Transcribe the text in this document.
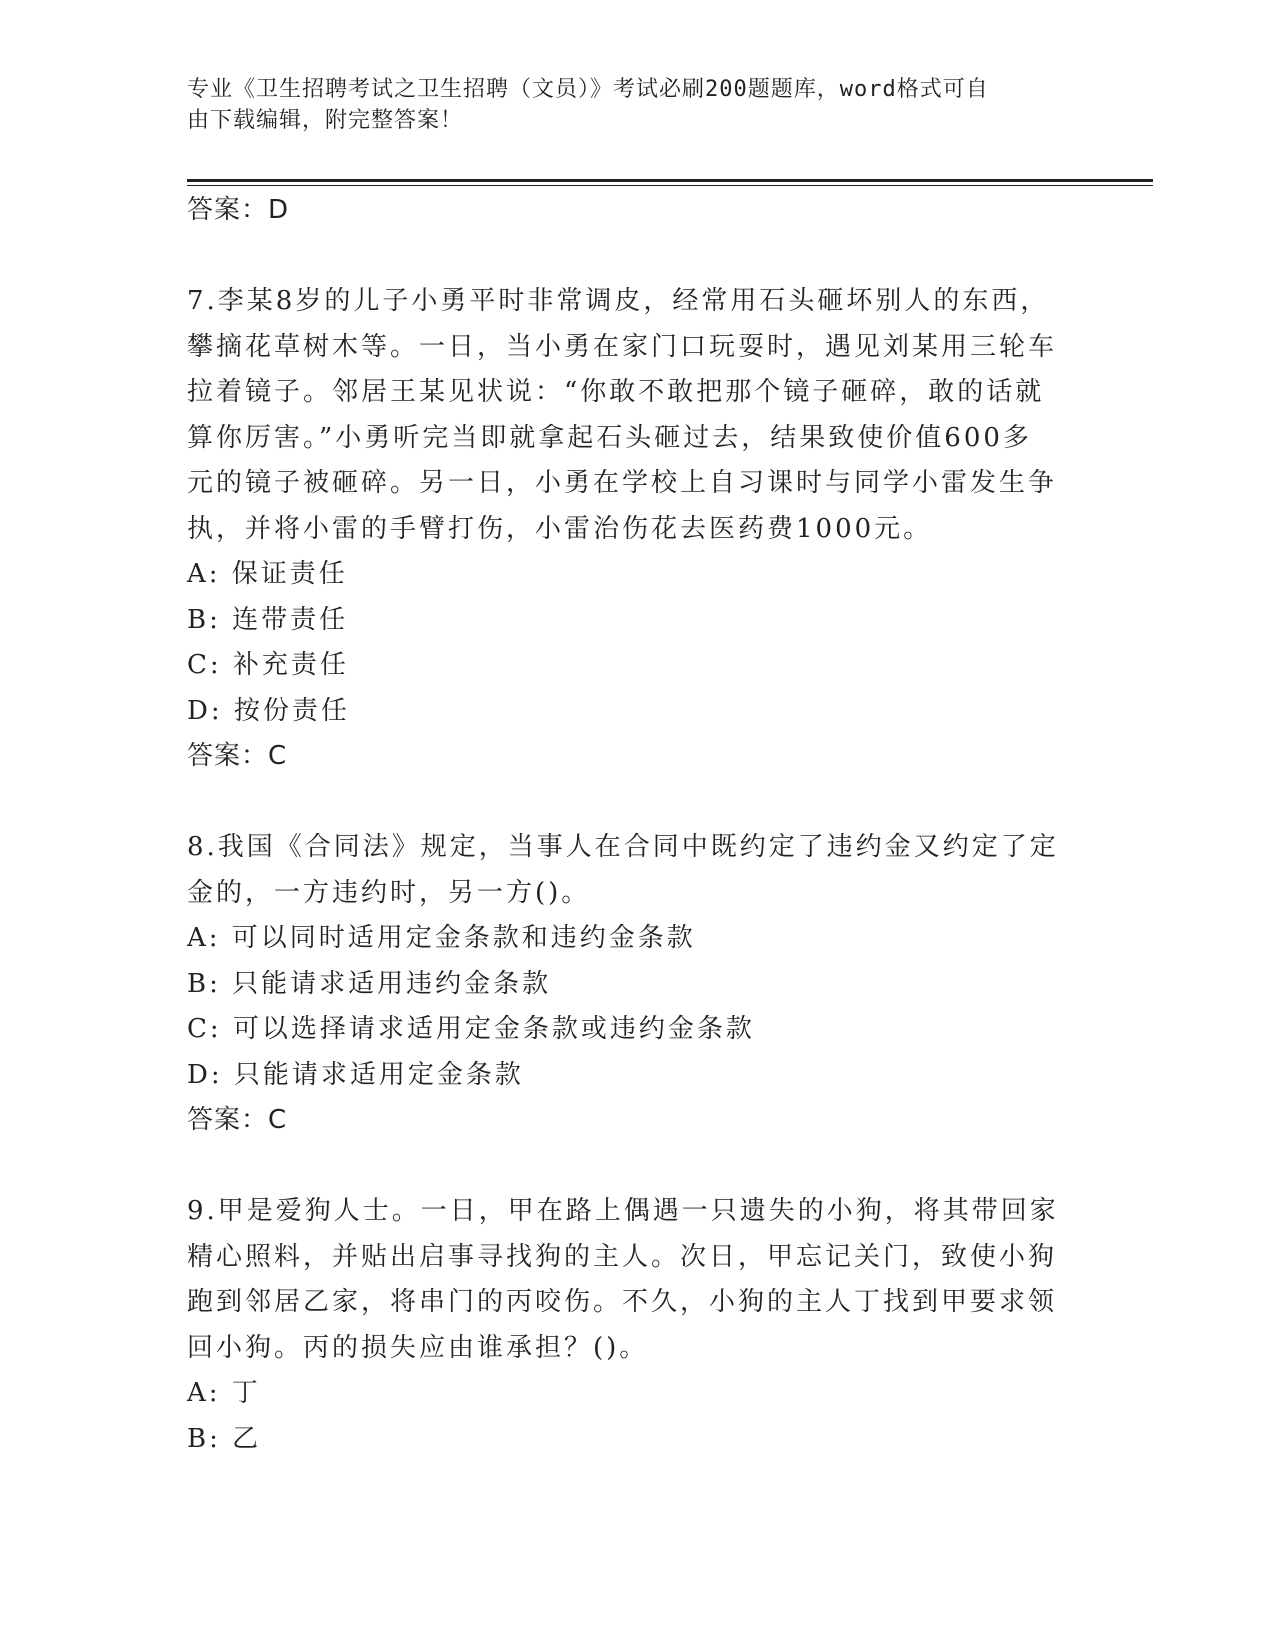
专业《卫生招聘考试之卫生招聘（文员）》考试必刷200题题库，word格式可自
由下载编辑，附完整答案！
答案：D
7.李某8岁的儿子小勇平时非常调皮，经常用石头砸坏别人的东西，
攀摘花草树木等。一日，当小勇在家门口玩耍时，遇见刘某用三轮车
拉着镜子。邻居王某见状说：“你敢不敢把那个镜子砸碎，敢的话就
算你厉害。”小勇听完当即就拿起石头砸过去，结果致使价值600多
元的镜子被砸碎。另一日，小勇在学校上自习课时与同学小雷发生争
执，并将小雷的手臂打伤，小雷治伤花去医药费1000元。
A: 保证责任
B: 连带责任
C: 补充责任
D: 按份责任
答案：C
8.我国《合同法》规定，当事人在合同中既约定了违约金又约定了定
金的，一方违约时，另一方()。
A: 可以同时适用定金条款和违约金条款
B: 只能请求适用违约金条款
C: 可以选择请求适用定金条款或违约金条款
D: 只能请求适用定金条款
答案：C
9.甲是爱狗人士。一日，甲在路上偶遇一只遗失的小狗，将其带回家
精心照料，并贴出启事寻找狗的主人。次日，甲忘记关门，致使小狗
跑到邻居乙家，将串门的丙咬伤。不久，小狗的主人丁找到甲要求领
回小狗。丙的损失应由谁承担？()。
A: 丁
B: 乙
